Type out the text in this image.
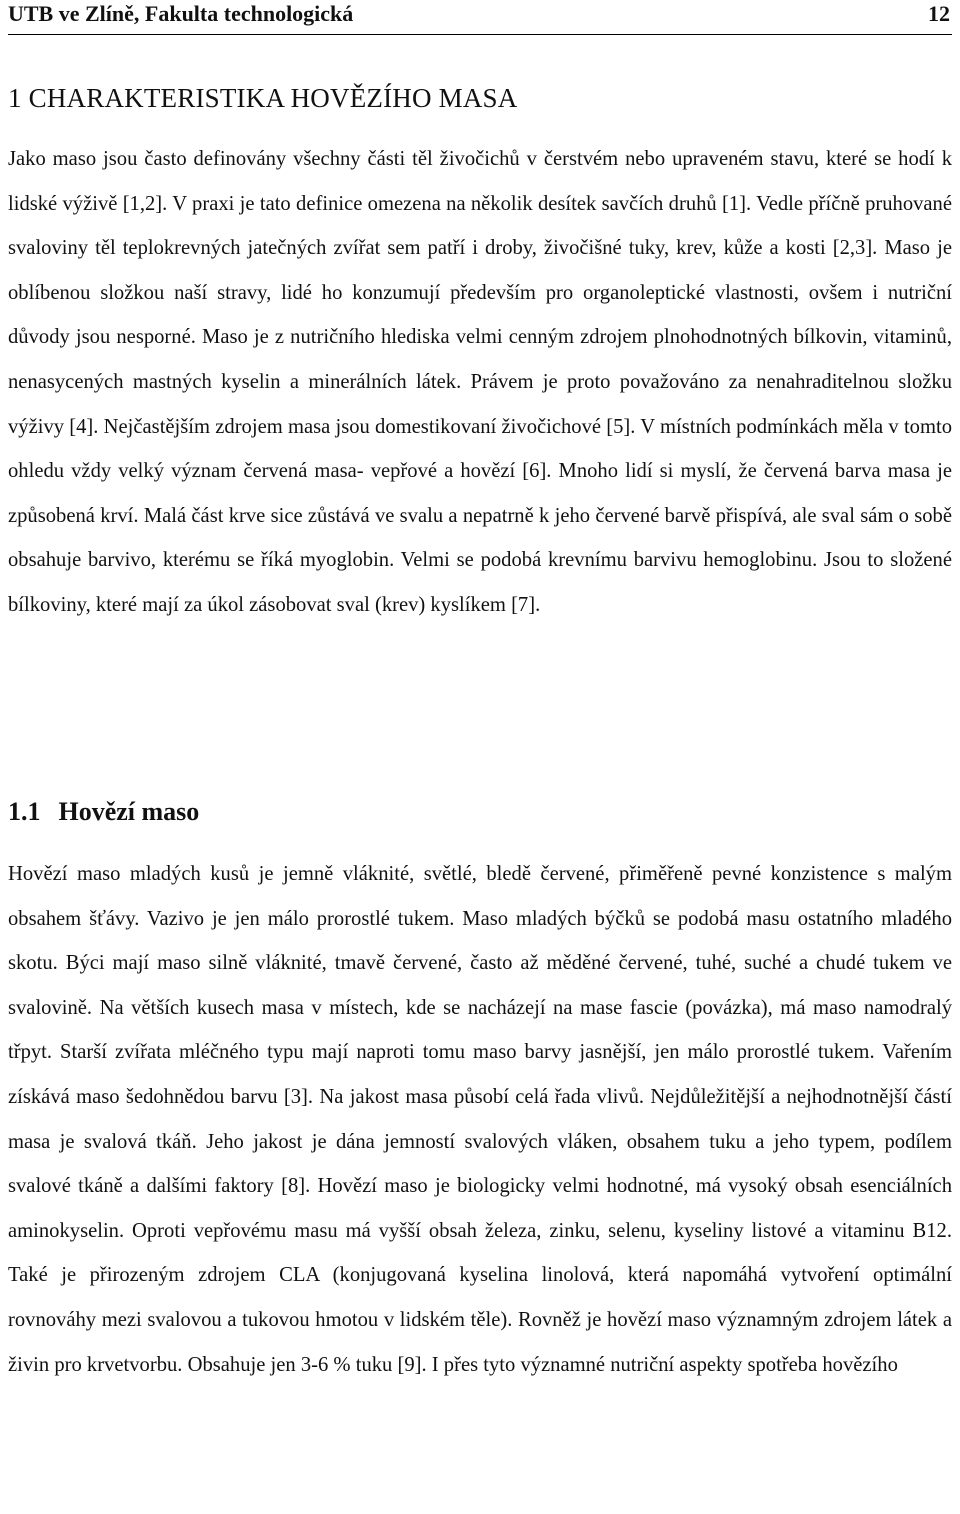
UTB ve Zlíně, Fakulta technologická	12
1 CHARAKTERISTIKA HOVĚZÍHO MASA

Jako maso jsou často definovány všechny části těl živočichů v čerstvém nebo upraveném stavu, které se hodí k lidské výživě [1,2]. V praxi je tato definice omezena na několik desítek savčích druhů [1]. Vedle příčně pruhované svaloviny těl teplokrevných jatečných zvířat sem patří i droby, živočišné tuky, krev, kůže a kosti [2,3]. Maso je oblíbenou složkou naší stravy, lidé ho konzumují především pro organoleptické vlastnosti, ovšem i nutriční důvody jsou nesporné. Maso je z nutričního hlediska velmi cenným zdrojem plnohodnotných bílkovin, vitaminů, nenasycených mastných kyselin a minerálních látek. Právem je proto považováno za nenahraditelnou složku výživy [4]. Nejčastějším zdrojem masa jsou domestikovaní živočichové [5]. V místních podmínkách měla v tomto ohledu vždy velký význam červená masa- vepřové a hovězí [6]. Mnoho lidí si myslí, že červená barva masa je způsobená krví. Malá část krve sice zůstává ve svalu a nepatrně k jeho červené barvě přispívá, ale sval sám o sobě obsahuje barvivo, kterému se říká myoglobin. Velmi se podobá krevnímu barvivu hemoglobinu. Jsou to složené bílkoviny, které mají za úkol zásobovat sval (krev) kyslíkem [7].

1.1 Hovězí maso

Hovězí maso mladých kusů je jemně vláknité, světlé, bledě červené, přiměřeně pevné konzistence s malým obsahem šťávy. Vazivo je jen málo prorostlé tukem. Maso mladých býčků se podobá masu ostatního mladého skotu. Býci mají maso silně vláknité, tmavě červené, často až měděné červené, tuhé, suché a chudé tukem ve svalovině. Na větších kusech masa v místech, kde se nacházejí na mase fascie (povázka), má maso namodralý třpyt. Starší zvířata mléčného typu mají naproti tomu maso barvy jasnější, jen málo prorostlé tukem. Vařením získává maso šedohnědou barvu [3]. Na jakost masa působí celá řada vlivů. Nejdůležitější a nejhodnotnější částí masa je svalová tkáň. Jeho jakost je dána jemností svalových vláken, obsahem tuku a jeho typem, podílem svalové tkáně a dalšími faktory [8]. Hovězí maso je biologicky velmi hodnotné, má vysoký obsah esenciálních aminokyselin. Oproti vepřovému masu má vyšší obsah železa, zinku, selenu, kyseliny listové a vitaminu B12. Také je přirozeným zdrojem CLA (konjugovaná kyselina linolová, která napomáhá vytvoření optimální rovnováhy mezi svalovou a tukovou hmotou v lidském těle). Rovněž je hovězí maso významným zdrojem látek a živin pro krvetvorbu. Obsahuje jen 3-6 % tuku [9]. I přes tyto významné nutriční aspekty spotřeba hovězího
